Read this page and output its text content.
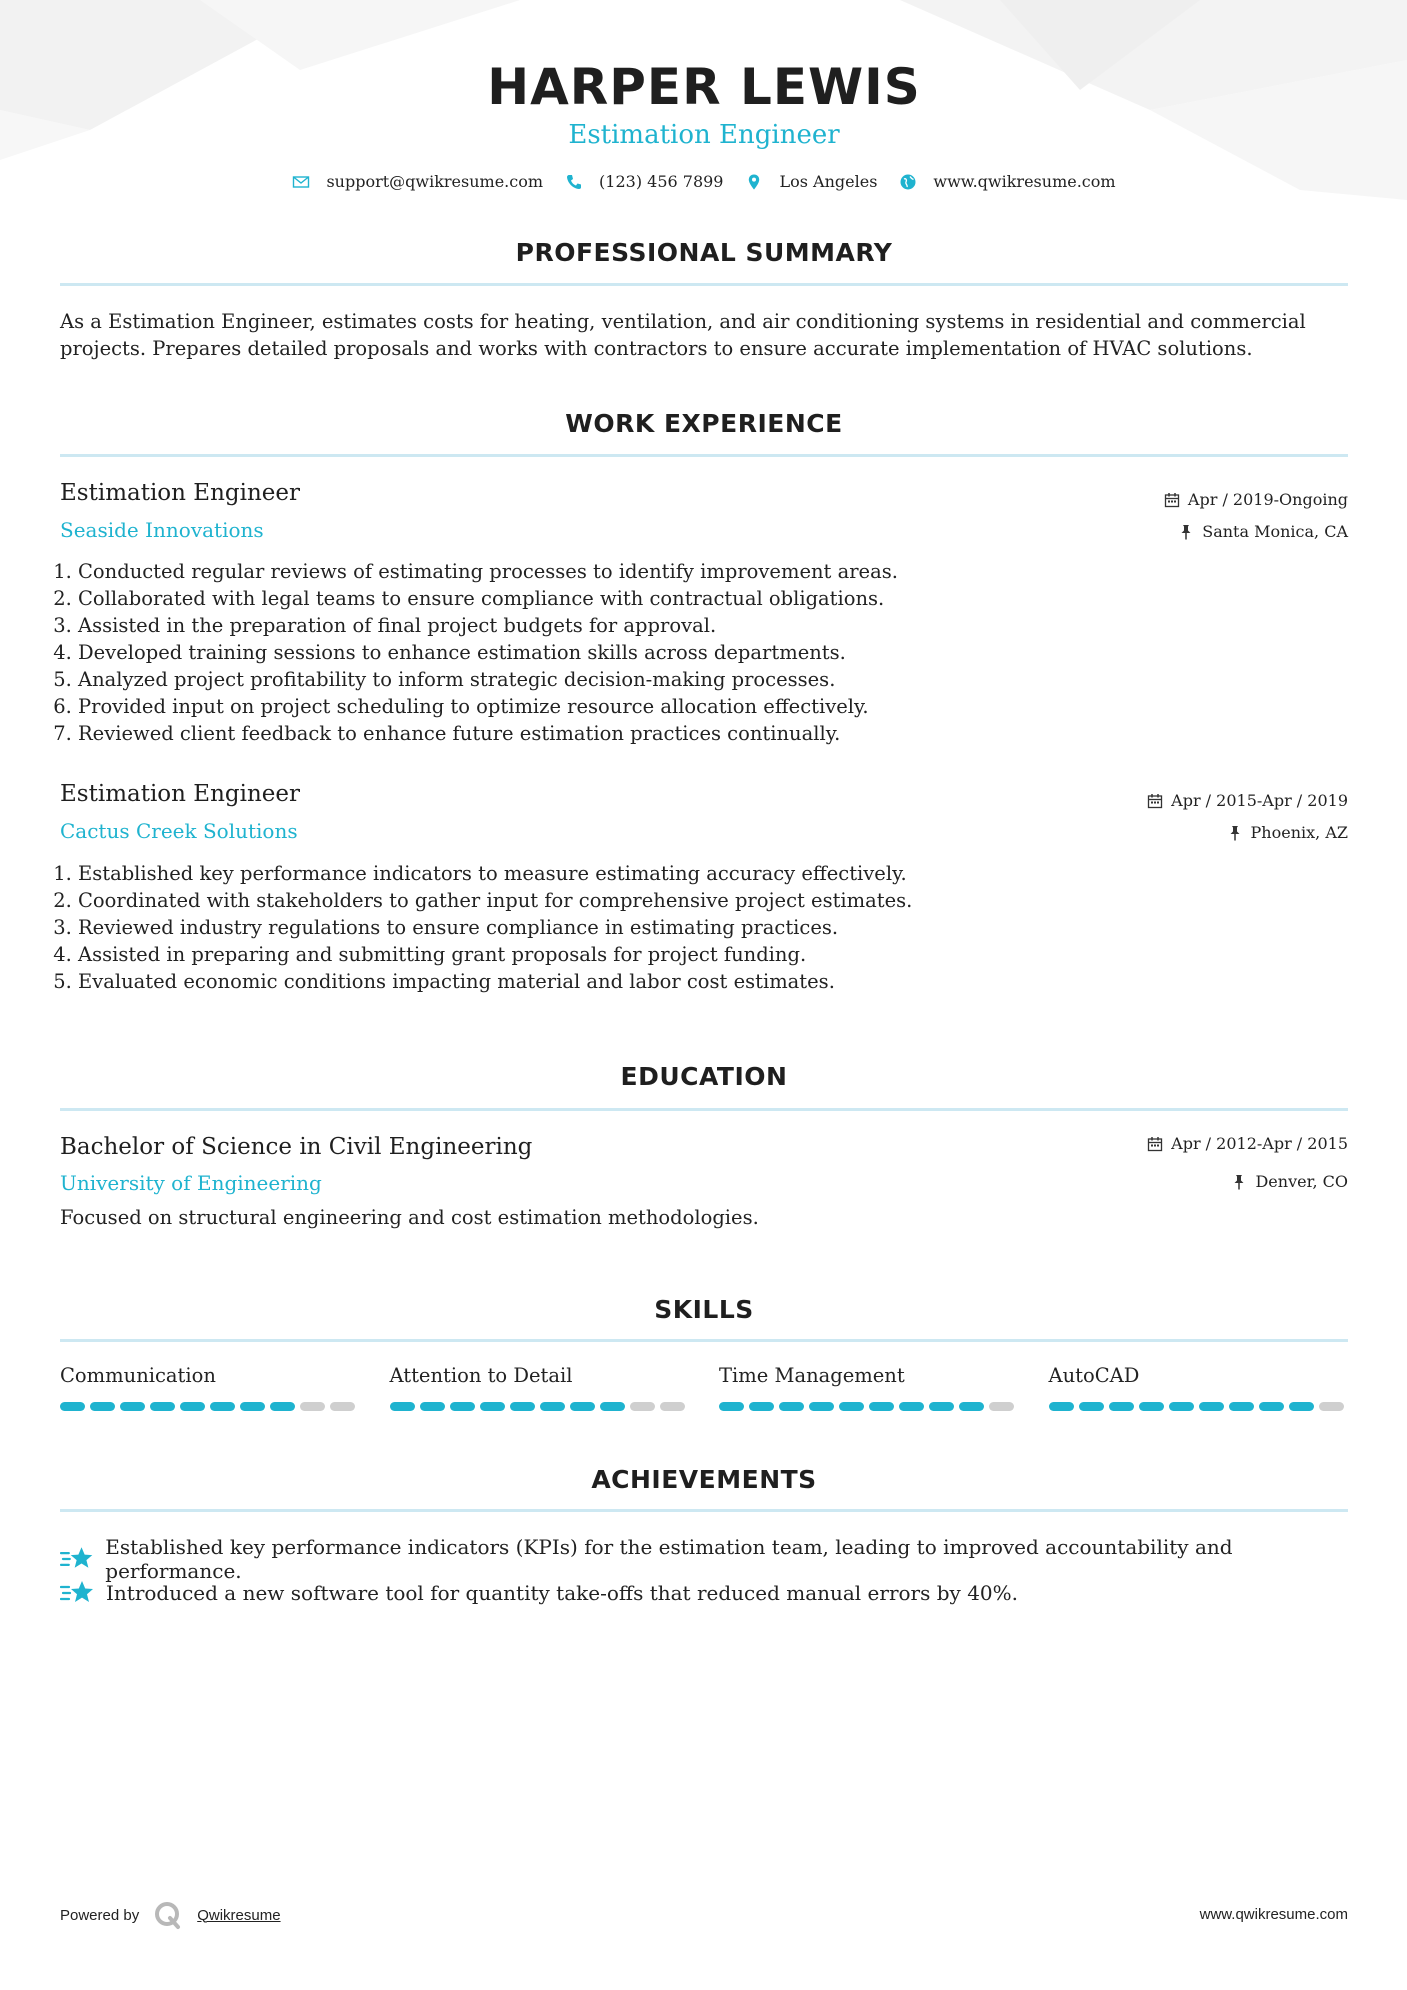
HARPER LEWIS
Estimation Engineer
support@qwikresume.com	(123) 456 7899	Los Angeles	www.qwikresume.com
PROFESSIONAL SUMMARY
As a Estimation Engineer, estimates costs for heating, ventilation, and air conditioning systems in residential and commercial projects. Prepares detailed proposals and works with contractors to ensure accurate implementation of HVAC solutions.
WORK EXPERIENCE
Estimation Engineer
Seaside Innovations
Apr / 2019-Ongoing
Santa Monica, CA
1. Conducted regular reviews of estimating processes to identify improvement areas.
2. Collaborated with legal teams to ensure compliance with contractual obligations.
3. Assisted in the preparation of final project budgets for approval.
4. Developed training sessions to enhance estimation skills across departments.
5. Analyzed project profitability to inform strategic decision-making processes.
6. Provided input on project scheduling to optimize resource allocation effectively.
7. Reviewed client feedback to enhance future estimation practices continually.
Estimation Engineer
Cactus Creek Solutions
Apr / 2015-Apr / 2019
Phoenix, AZ
1. Established key performance indicators to measure estimating accuracy effectively.
2. Coordinated with stakeholders to gather input for comprehensive project estimates.
3. Reviewed industry regulations to ensure compliance in estimating practices.
4. Assisted in preparing and submitting grant proposals for project funding.
5. Evaluated economic conditions impacting material and labor cost estimates.
EDUCATION
Bachelor of Science in Civil Engineering
University of Engineering
Apr / 2012-Apr / 2015
Denver, CO
Focused on structural engineering and cost estimation methodologies.
SKILLS
Communication	Attention to Detail	Time Management	AutoCAD
ACHIEVEMENTS
Established key performance indicators (KPIs) for the estimation team, leading to improved accountability and performance.
Introduced a new software tool for quantity take-offs that reduced manual errors by 40%.
Powered by	Qwikresume	www.qwikresume.com
